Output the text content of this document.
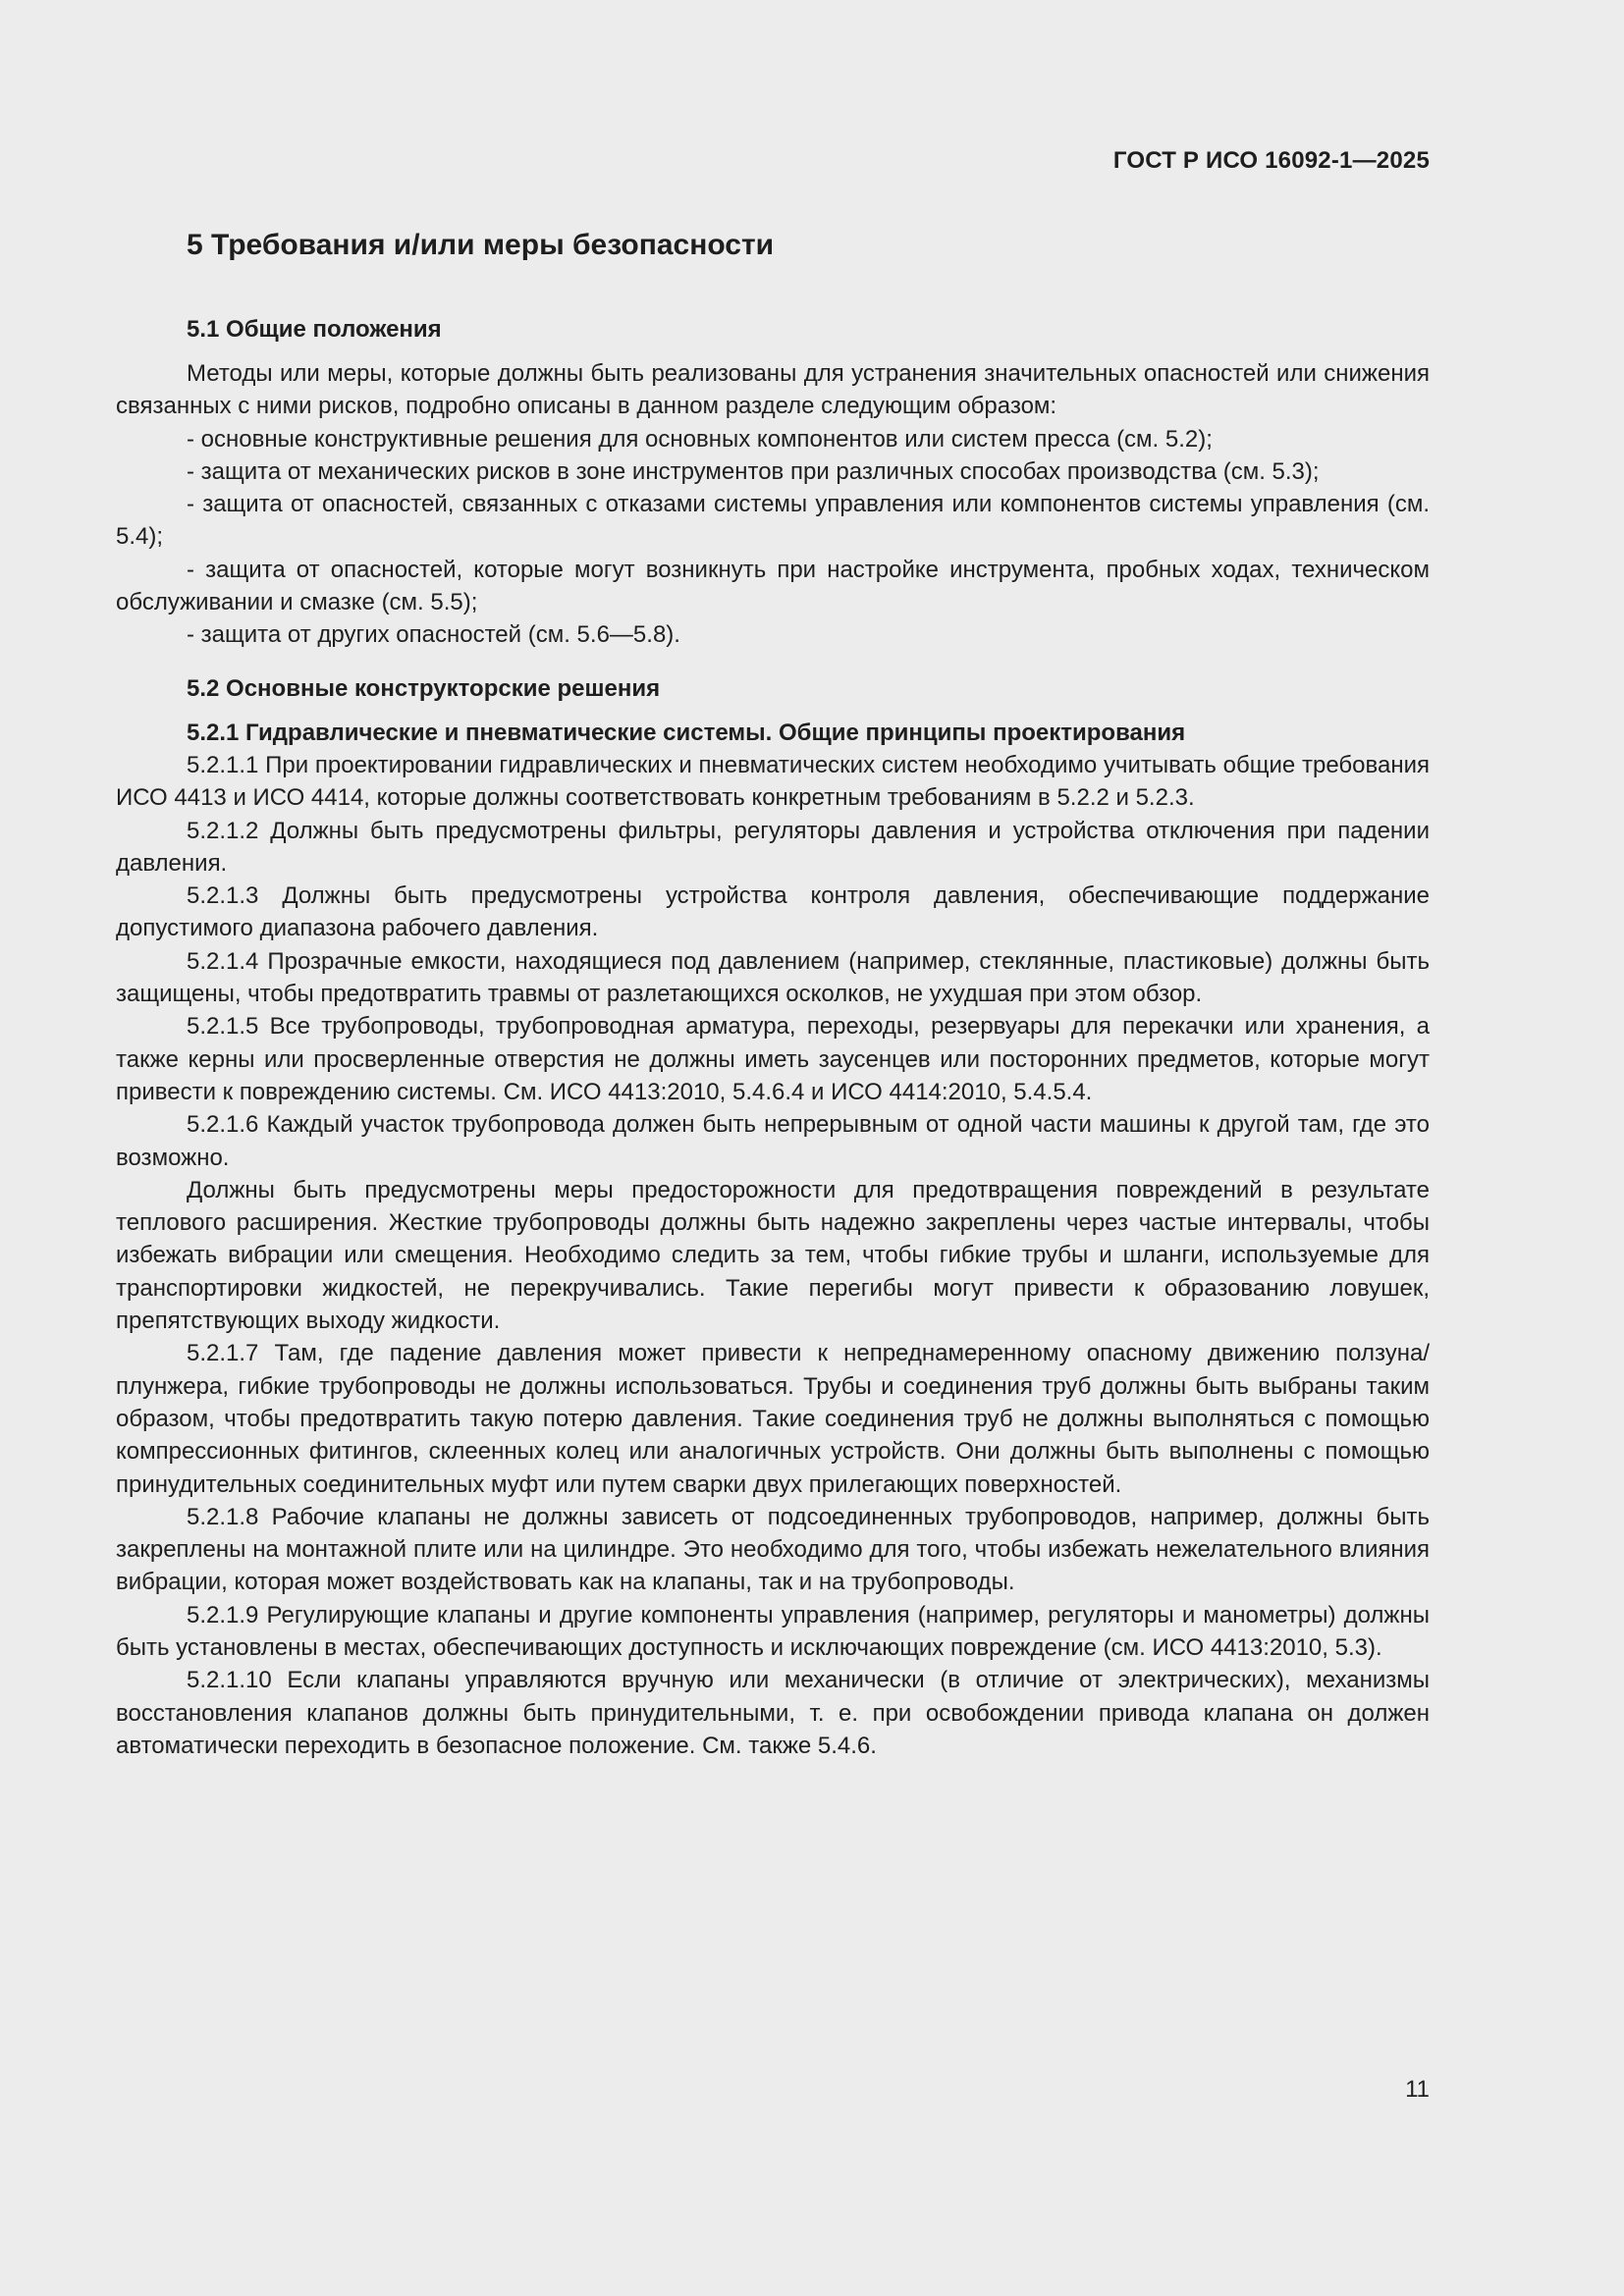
ГОСТ Р ИСО 16092-1—2025
5 Требования и/или меры безопасности
5.1 Общие положения

Методы или меры, которые должны быть реализованы для устранения значительных опасностей или снижения связанных с ними рисков, подробно описаны в данном разделе следующим образом:

- основные конструктивные решения для основных компонентов или систем пресса (см. 5.2);

- защита от механических рисков в зоне инструментов при различных способах производства (см. 5.3);

- защита от опасностей, связанных с отказами системы управления или компонентов системы управления (см. 5.4);

- защита от опасностей, которые могут возникнуть при настройке инструмента, пробных ходах, техническом обслуживании и смазке (см. 5.5);

- защита от других опасностей (см. 5.6—5.8).

5.2 Основные конструкторские решения
5.2.1 Гидравлические и пневматические системы. Общие принципы проектирования

5.2.1.1 При проектировании гидравлических и пневматических систем необходимо учитывать общие требования ИСО 4413 и ИСО 4414, которые должны соответствовать конкретным требованиям в 5.2.2 и 5.2.3.

5.2.1.2 Должны быть предусмотрены фильтры, регуляторы давления и устройства отключения при падении давления.

5.2.1.3 Должны быть предусмотрены устройства контроля давления, обеспечивающие поддержание допустимого диапазона рабочего давления.

5.2.1.4 Прозрачные емкости, находящиеся под давлением (например, стеклянные, пластиковые) должны быть защищены, чтобы предотвратить травмы от разлетающихся осколков, не ухудшая при этом обзор.

5.2.1.5 Все трубопроводы, трубопроводная арматура, переходы, резервуары для перекачки или хранения, а также керны или просверленные отверстия не должны иметь заусенцев или посторонних предметов, которые могут привести к повреждению системы. См. ИСО 4413:2010, 5.4.6.4 и ИСО 4414:2010, 5.4.5.4.

5.2.1.6 Каждый участок трубопровода должен быть непрерывным от одной части машины к другой там, где это возможно.

Должны быть предусмотрены меры предосторожности для предотвращения повреждений в результате теплового расширения. Жесткие трубопроводы должны быть надежно закреплены через частые интервалы, чтобы избежать вибрации или смещения. Необходимо следить за тем, чтобы гибкие трубы и шланги, используемые для транспортировки жидкостей, не перекручивались. Такие перегибы могут привести к образованию ловушек, препятствующих выходу жидкости.

5.2.1.7 Там, где падение давления может привести к непреднамеренному опасному движению ползуна/плунжера, гибкие трубопроводы не должны использоваться. Трубы и соединения труб должны быть выбраны таким образом, чтобы предотвратить такую потерю давления. Такие соединения труб не должны выполняться с помощью компрессионных фитингов, склеенных колец или аналогичных устройств. Они должны быть выполнены с помощью принудительных соединительных муфт или путем сварки двух прилегающих поверхностей.

5.2.1.8 Рабочие клапаны не должны зависеть от подсоединенных трубопроводов, например, должны быть закреплены на монтажной плите или на цилиндре. Это необходимо для того, чтобы избежать нежелательного влияния вибрации, которая может воздействовать как на клапаны, так и на трубопроводы.

5.2.1.9 Регулирующие клапаны и другие компоненты управления (например, регуляторы и манометры) должны быть установлены в местах, обеспечивающих доступность и исключающих повреждение (см. ИСО 4413:2010, 5.3).

5.2.1.10 Если клапаны управляются вручную или механически (в отличие от электрических), механизмы восстановления клапанов должны быть принудительными, т. е. при освобождении привода клапана он должен автоматически переходить в безопасное положение. См. также 5.4.6.

11
